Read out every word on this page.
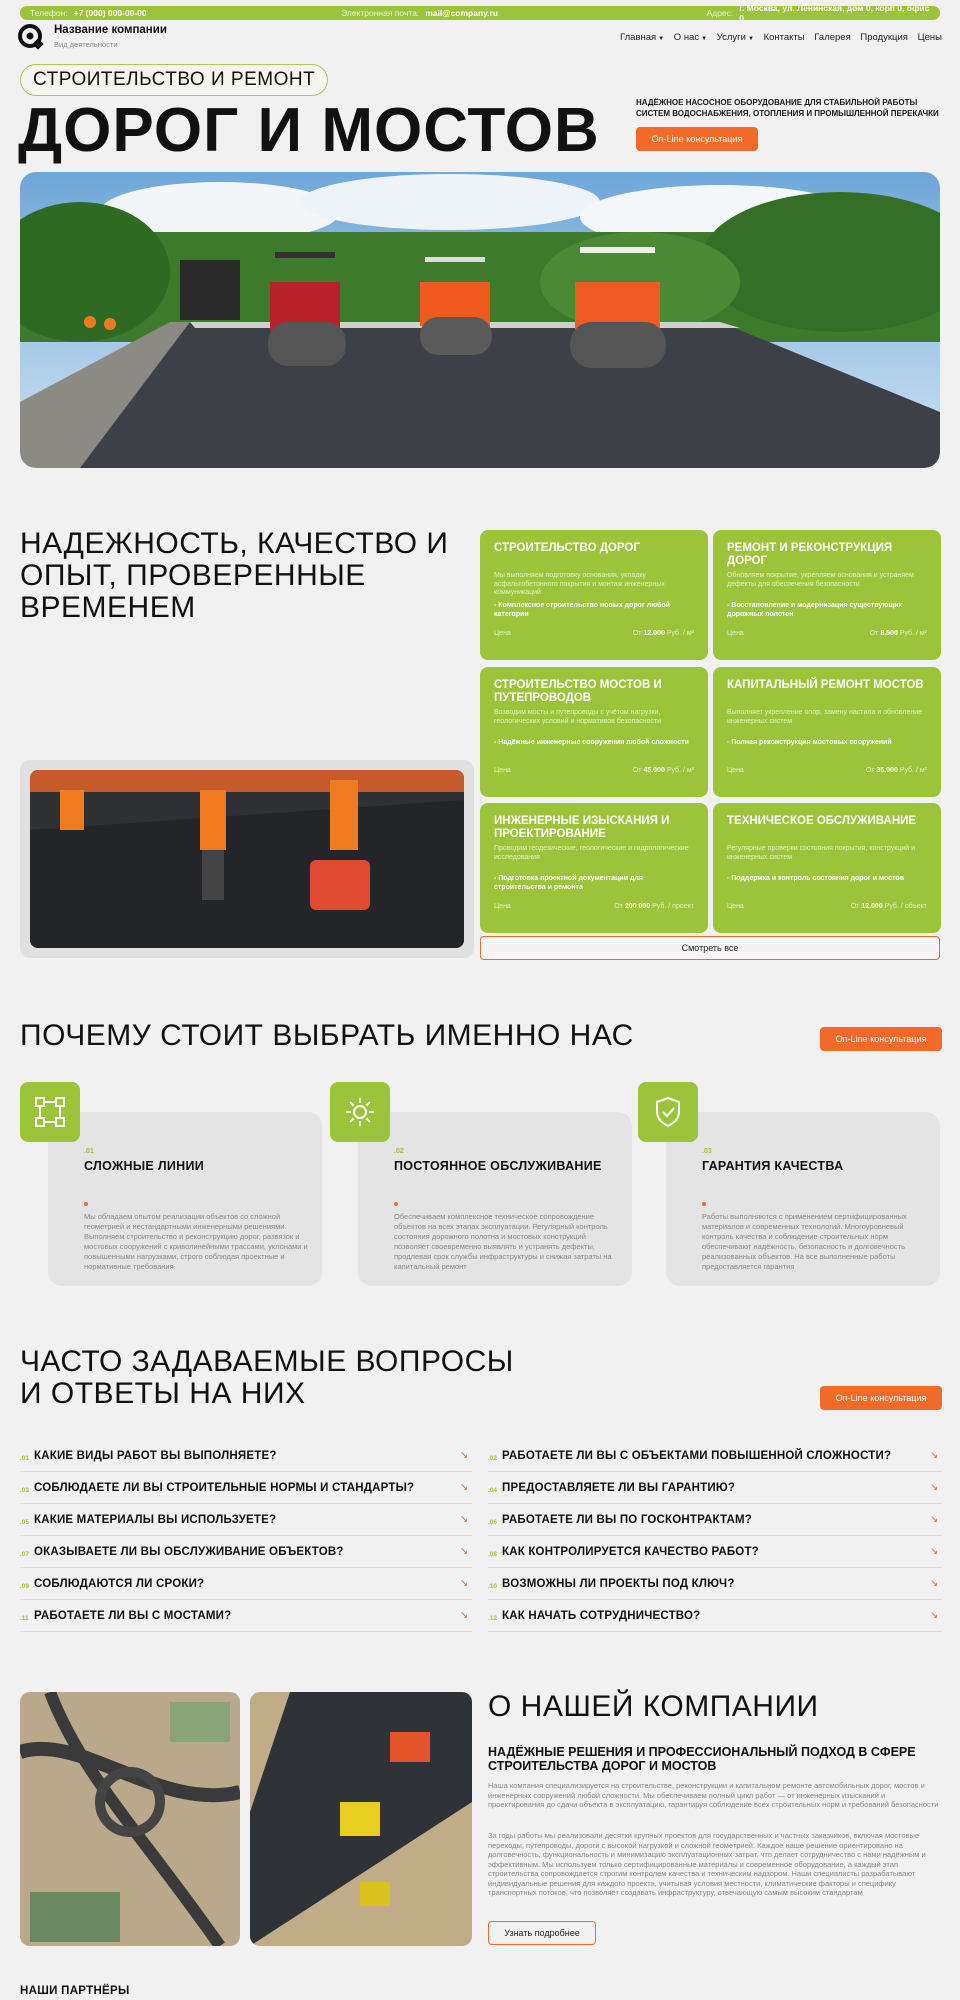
Телефон: +7 (000) 000-00-00	Электронная почта: mail@company.ru	Адрес: г. Москва, ул. Ленинская, дом 0, корп 0, офис 0
Название компании
Вид деятельности
Главная ▼ О нас ▼ Услуги ▼ Контакты Галерея Продукция Цены
СТРОИТЕЛЬСТВО И РЕМОНТ
ДОРОГ И МОСТОВ	НАДЁЖНОЕ НАСОСНОЕ ОБОРУДОВАНИЕ ДЛЯ СТАБИЛЬНОЙ РАБОТЫ СИСТЕМ ВОДОСНАБЖЕНИЯ, ОТОПЛЕНИЯ И ПРОМЫШЛЕННОЙ ПЕРЕКАЧКИ
On-Line консультация
НАДЕЖНОСТЬ, КАЧЕСТВО И ОПЫТ, ПРОВЕРЕННЫЕ ВРЕМЕНЕМ
СТРОИТЕЛЬСТВО ДОРОГ
Мы выполняем подготовку основания, укладку асфальтобетонного покрытия и монтаж инженерных коммуникаций
- Комплексное строительство новых дорог любой категории
Цена	От 12.000 Руб. / м²
РЕМОНТ И РЕКОНСТРУКЦИЯ ДОРОГ
Обновляем покрытие, укрепляем основания и устраняем дефекты для обеспечения безопасности
- Восстановление и модернизация существующих дорожных полотен
Цена	От 8.500 Руб. / м²
СТРОИТЕЛЬСТВО МОСТОВ И ПУТЕПРОВОДОВ
Возводим мосты и путепроводы с учётом нагрузки, геологических условий и нормативов безопасности
- Надёжные инженерные сооружения любой сложности
Цена	От 45.000 Руб. / м²
КАПИТАЛЬНЫЙ РЕМОНТ МОСТОВ
Выполняет укрепление опор, замену настила и обновление инженерных систем
- Полная реконструкция мостовых сооружений
Цена	От 35.000 Руб. / м²
ИНЖЕНЕРНЫЕ ИЗЫСКАНИЯ И ПРОЕКТИРОВАНИЕ
Проводим геодезические, геологические и гидрологические исследования
- Подготовка проектной документации для строительства и ремонта
Цена	От 200.000 Руб. / проект
ТЕХНИЧЕСКОЕ ОБСЛУЖИВАНИЕ
Регулярные проверки состояния покрытия, конструкций и инженерных систем
- Поддержка и контроль состояния дорог и мостов
Цена	От 12.000 Руб. / объект
Смотреть все
ПОЧЕМУ СТОИТ ВЫБРАТЬ ИМЕННО НАС	On-Line консультация
.01
СЛОЖНЫЕ ЛИНИИ
Мы обладаем опытом реализации объектов со сложной геометрией и нестандартными инженерными решениями. Выполняем строительство и реконструкцию дорог, развязок и мостовых сооружений с криволинейными трассами, уклонами и повышенными нагрузками, строго соблюдая проектные и нормативные требования
.02
ПОСТОЯННОЕ ОБСЛУЖИВАНИЕ
Обеспечиваем комплексное техническое сопровождение объектов на всех этапах эксплуатации. Регулярный контроль состояния дорожного полотна и мостовых конструкций позволяет своевременно выявлять и устранять дефекты, продлевая срок службы инфраструктуры и снижая затраты на капитальный ремонт
.03
ГАРАНТИЯ КАЧЕСТВА
Работы выполняются с применением сертифицированных материалов и современных технологий. Многоуровневый контроль качества и соблюдение строительных норм обеспечивают надёжность, безопасность и долговечность реализованных объектов. На все выполненные работы предоставляется гарантия
ЧАСТО ЗАДАВАЕМЫЕ ВОПРОСЫ
И ОТВЕТЫ НА НИХ	On-Line консультация
.01 КАКИЕ ВИДЫ РАБОТ ВЫ ВЫПОЛНЯЕТЕ?	↘
.03 СОБЛЮДАЕТЕ ЛИ ВЫ СТРОИТЕЛЬНЫЕ НОРМЫ И СТАНДАРТЫ?	↘
.05 КАКИЕ МАТЕРИАЛЫ ВЫ ИСПОЛЬЗУЕТЕ?	↘
.07 ОКАЗЫВАЕТЕ ЛИ ВЫ ОБСЛУЖИВАНИЕ ОБЪЕКТОВ?	↘
.09 СОБЛЮДАЮТСЯ ЛИ СРОКИ?	↘
.11 РАБОТАЕТЕ ЛИ ВЫ С МОСТАМИ?	↘
.02 РАБОТАЕТЕ ЛИ ВЫ С ОБЪЕКТАМИ ПОВЫШЕННОЙ СЛОЖНОСТИ?	↘
.04 ПРЕДОСТАВЛЯЕТЕ ЛИ ВЫ ГАРАНТИЮ?	↘
.06 РАБОТАЕТЕ ЛИ ВЫ ПО ГОСКОНТРАКТАМ?	↘
.08 КАК КОНТРОЛИРУЕТСЯ КАЧЕСТВО РАБОТ?	↘
.10 ВОЗМОЖНЫ ЛИ ПРОЕКТЫ ПОД КЛЮЧ?	↘
.12 КАК НАЧАТЬ СОТРУДНИЧЕСТВО?	↘
О НАШЕЙ КОМПАНИИ
НАДЁЖНЫЕ РЕШЕНИЯ И ПРОФЕССИОНАЛЬНЫЙ ПОДХОД В СФЕРЕ СТРОИТЕЛЬСТВА ДОРОГ И МОСТОВ
Наша компания специализируется на строительстве, реконструкции и капитальном ремонте автомобильных дорог, мостов и инженерных сооружений любой сложности. Мы обеспечиваем полный цикл работ — от инженерных изысканий и проектирования до сдачи объекта в эксплуатацию, гарантируя соблюдение всех строительных норм и требований безопасности
За годы работы мы реализовали десятки крупных проектов для государственных и частных заказчиков, включая мостовые переходы, путепроводы, дороги с высокой нагрузкой и сложной геометрией. Каждое наше решение ориентировано на долговечность, функциональность и минимизацию эксплуатационных затрат, что делает сотрудничество с нами надёжным и эффективным. Мы используем только сертифицированные материалы и современное оборудование, а каждый этап строительства сопровождается строгим контролем качества и техническим надзором. Наши специалисты разрабатывают индивидуальные решения для каждого проекта, учитывая условия местности, климатические факторы и специфику транспортных потоков, что позволяет создавать инфраструктуру, отвечающую самым высоким стандартам
Узнать подробнее
НАШИ ПАРТНЁРЫ
